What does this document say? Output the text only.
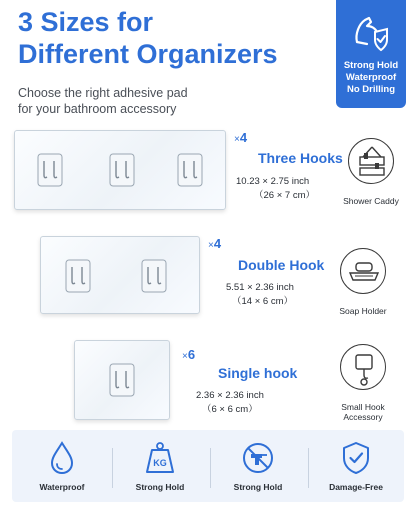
3 Sizes for
Different Organizers
Choose the right adhesive pad
for your bathroom accessory
Strong Hold
Waterproof
No Drilling
×4
Three Hooks
10.23 × 2.75 inch
（26 × 7 cm）	Shower Caddy
×4
Double Hook
5.51 × 2.36 inch
（14 × 6 cm）
Soap Holder
×6
Single hook
2.36 × 2.36 inch
（6 × 6 cm）	Small Hook
Accessory
Waterproof
KG
Strong Hold	Strong Hold	Damage-Free
